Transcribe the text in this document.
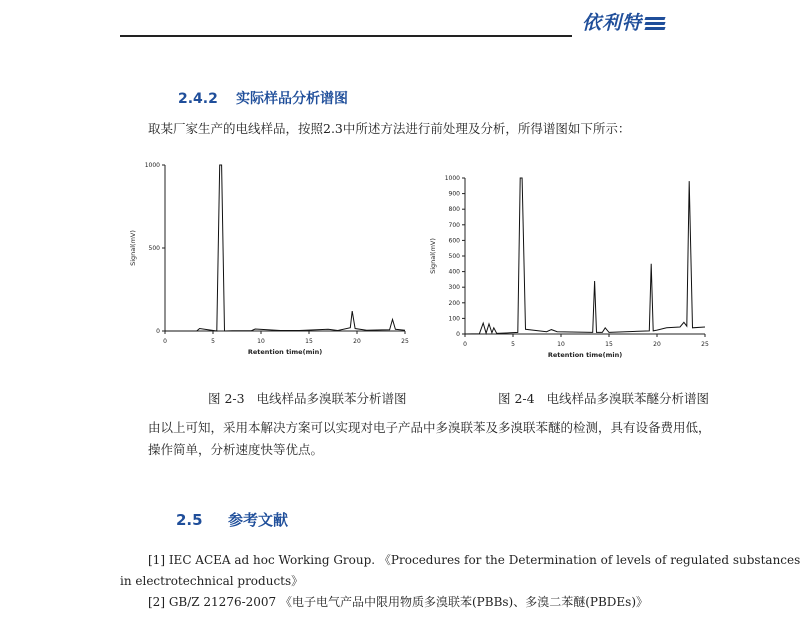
依利特
2.4.2 实际样品分析谱图
取某厂家生产的电线样品，按照2.3中所述方法进行前处理及分析，所得谱图如下所示：
0	5	10	15	20	25
0
500
1000
Retention time(min)
Signal(mV)
图 2-3 电线样品多溴联苯分析谱图
0	5	10	15	20	25
0
100
200
300
400
500
600
700
800
900
1000
Retention time(min)
Signal(mV)
图 2-4 电线样品多溴联苯醚分析谱图
由以上可知，采用本解决方案可以实现对电子产品中多溴联苯及多溴联苯醚的检测，具有设备费用低，
操作简单，分析速度快等优点。
2.5 参考文献
[1] IEC ACEA ad hoc Working Group. 《Procedures for the Determination of levels of regulated substances
in electrotechnical products》
[2] GB/Z 21276-2007 《电子电气产品中限用物质多溴联苯(PBBs)、多溴二苯醚(PBDEs)》
